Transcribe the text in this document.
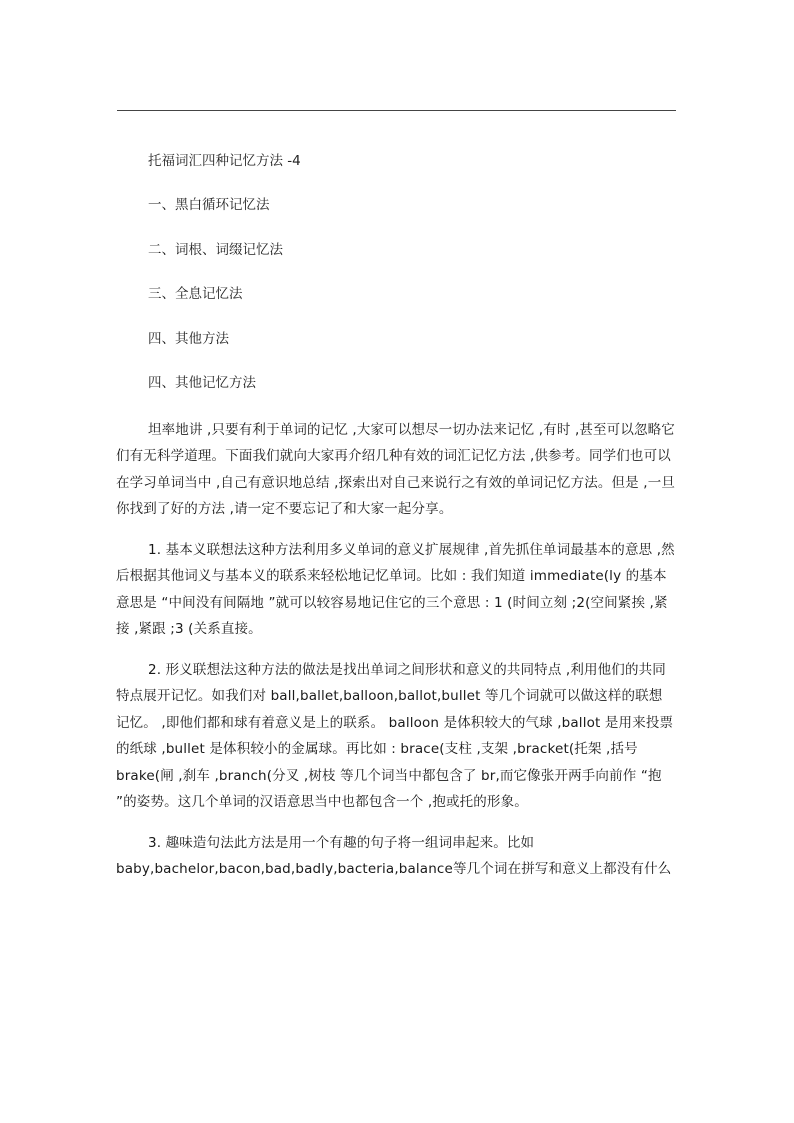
托福词汇四种记忆方法 -4
一、黑白循环记忆法
二、词根、词缀记忆法
三、全息记忆法
四、其他方法
四、其他记忆方法

坦率地讲 ,只要有利于单词的记忆 ,大家可以想尽一切办法来记忆 ,有时 ,甚至可以忽略它们有无科学道理。下面我们就向大家再介绍几种有效的词汇记忆方法 ,供参考。同学们也可以在学习单词当中 ,自己有意识地总结 ,探索出对自己来说行之有效的单词记忆方法。但是 ,一旦你找到了好的方法 ,请一定不要忘记了和大家一起分享。

1. 基本义联想法这种方法利用多义单词的意义扩展规律 ,首先抓住单词最基本的意思 ,然后根据其他词义与基本义的联系来轻松地记忆单词。比如 : 我们知道 immediate(ly 的基本意思是 “中间没有间隔地 ”就可以较容易地记住它的三个意思 : 1 (时间立刻 ;2(空间紧挨 ,紧接 ,紧跟 ;3 (关系直接。

2. 形义联想法这种方法的做法是找出单词之间形状和意义的共同特点 ,利用他们的共同特点展开记忆。如我们对 ball,ballet,balloon,ballot,bullet 等几个词就可以做这样的联想记忆。 ,即他们都和球有着意义是上的联系。 balloon 是体积较大的气球 ,ballot 是用来投票的纸球 ,bullet 是体积较小的金属球。再比如 : brace(支柱 ,支架 ,bracket(托架 ,括号 brake(闸 ,刹车 ,branch(分叉 ,树枝 等几个词当中都包含了 br,而它像张开两手向前作 “抱 ”的姿势。这几个单词的汉语意思当中也都包含一个 ,抱或托的形象。

3. 趣味造句法此方法是用一个有趣的句子将一组词串起来。比如 baby,bachelor,bacon,bad,badly,bacteria,balance等几个词在拼写和意义上都没有什么
